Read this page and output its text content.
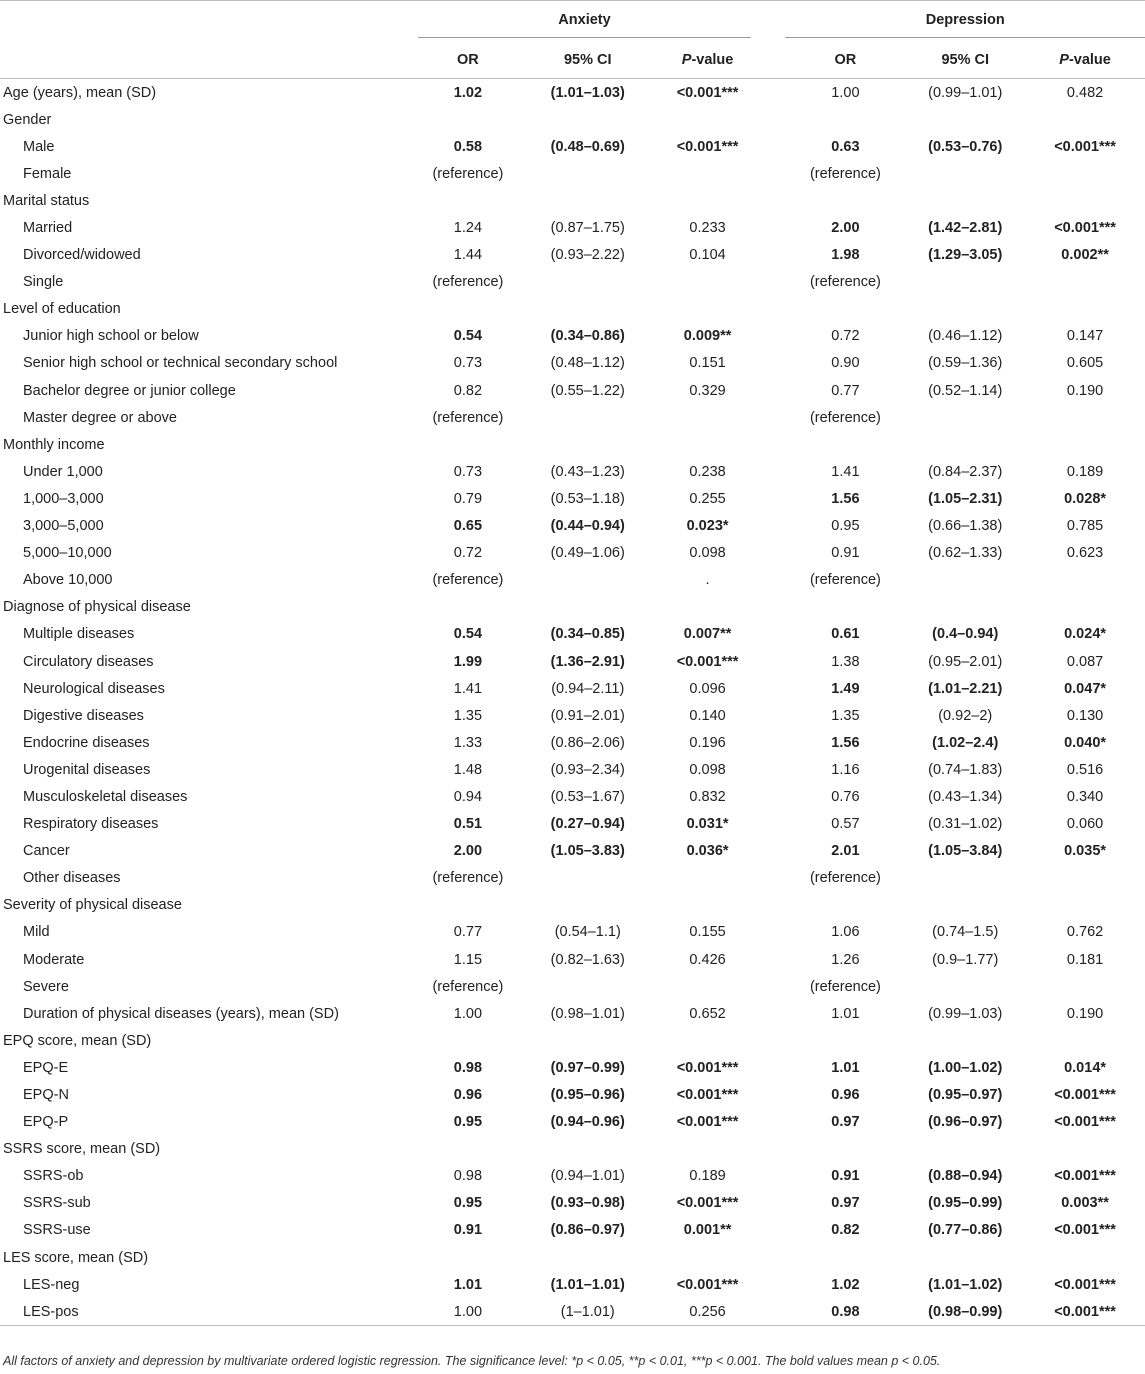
	Anxiety				Depression		

	OR	95% CI	P-value		OR	95% CI	P-value
Age (years), mean (SD)	1.02	(1.01–1.03)	<0.001***		1.00	(0.99–1.01)	0.482
Gender							
Male	0.58	(0.48–0.69)	<0.001***		0.63	(0.53–0.76)	<0.001***
Female	(reference)				(reference)		
Marital status							
Married	1.24	(0.87–1.75)	0.233		2.00	(1.42–2.81)	<0.001***
Divorced/widowed	1.44	(0.93–2.22)	0.104		1.98	(1.29–3.05)	0.002**
Single	(reference)				(reference)		
Level of education							
Junior high school or below	0.54	(0.34–0.86)	0.009**		0.72	(0.46–1.12)	0.147
Senior high school or technical secondary school	0.73	(0.48–1.12)	0.151		0.90	(0.59–1.36)	0.605
Bachelor degree or junior college	0.82	(0.55–1.22)	0.329		0.77	(0.52–1.14)	0.190
Master degree or above	(reference)				(reference)		
Monthly income							
Under 1,000	0.73	(0.43–1.23)	0.238		1.41	(0.84–2.37)	0.189
1,000–3,000	0.79	(0.53–1.18)	0.255		1.56	(1.05–2.31)	0.028*
3,000–5,000	0.65	(0.44–0.94)	0.023*		0.95	(0.66–1.38)	0.785
5,000–10,000	0.72	(0.49–1.06)	0.098		0.91	(0.62–1.33)	0.623
Above 10,000	(reference)		.		(reference)		
Diagnose of physical disease							
Multiple diseases	0.54	(0.34–0.85)	0.007**		0.61	(0.4–0.94)	0.024*
Circulatory diseases	1.99	(1.36–2.91)	<0.001***		1.38	(0.95–2.01)	0.087
Neurological diseases	1.41	(0.94–2.11)	0.096		1.49	(1.01–2.21)	0.047*
Digestive diseases	1.35	(0.91–2.01)	0.140		1.35	(0.92–2)	0.130
Endocrine diseases	1.33	(0.86–2.06)	0.196		1.56	(1.02–2.4)	0.040*
Urogenital diseases	1.48	(0.93–2.34)	0.098		1.16	(0.74–1.83)	0.516
Musculoskeletal diseases	0.94	(0.53–1.67)	0.832		0.76	(0.43–1.34)	0.340
Respiratory diseases	0.51	(0.27–0.94)	0.031*		0.57	(0.31–1.02)	0.060
Cancer	2.00	(1.05–3.83)	0.036*		2.01	(1.05–3.84)	0.035*
Other diseases	(reference)				(reference)		
Severity of physical disease							
Mild	0.77	(0.54–1.1)	0.155		1.06	(0.74–1.5)	0.762
Moderate	1.15	(0.82–1.63)	0.426		1.26	(0.9–1.77)	0.181
Severe	(reference)				(reference)		
Duration of physical diseases (years), mean (SD)	1.00	(0.98–1.01)	0.652		1.01	(0.99–1.03)	0.190
EPQ score, mean (SD)							
EPQ-E	0.98	(0.97–0.99)	<0.001***		1.01	(1.00–1.02)	0.014*
EPQ-N	0.96	(0.95–0.96)	<0.001***		0.96	(0.95–0.97)	<0.001***
EPQ-P	0.95	(0.94–0.96)	<0.001***		0.97	(0.96–0.97)	<0.001***
SSRS score, mean (SD)							
SSRS-ob	0.98	(0.94–1.01)	0.189		0.91	(0.88–0.94)	<0.001***
SSRS-sub	0.95	(0.93–0.98)	<0.001***		0.97	(0.95–0.99)	0.003**
SSRS-use	0.91	(0.86–0.97)	0.001**		0.82	(0.77–0.86)	<0.001***
LES score, mean (SD)							
LES-neg	1.01	(1.01–1.01)	<0.001***		1.02	(1.01–1.02)	<0.001***
LES-pos	1.00	(1–1.01)	0.256		0.98	(0.98–0.99)	<0.001***
All factors of anxiety and depression by multivariate ordered logistic regression. The significance level: *p < 0.05, **p < 0.01, ***p < 0.001. The bold values mean p < 0.05.
